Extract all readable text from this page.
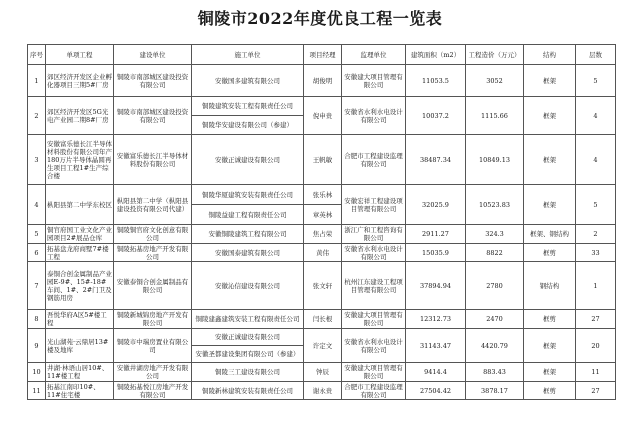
铜陵市2022年度优良工程一览表
序号	单项工程	建设单位	施工单位	项目经理	监理单位	建筑面积（m2）	工程造价（万元）	结构	层数
1	郊区经济开发区企业孵化器项目三期5#厂房	铜陵市南部城区建设投资有限公司	安徽国多建筑有限公司	胡俊明	安徽建大项目管理有限公司	11053.5	3052	框架	5
2	郊区经济开发区5G光电产业园二期8#厂房	铜陵市南部城区建设投资有限公司	铜陵建筑安装工程有限责任公司	倪申贵	安徽省水利水电设计有限公司	10037.2	1115.66	框架	4
			铜陵华安建设有限公司（参建）						
3	安徽富乐德长江半导体材料股份有限公司年产180万片半导体晶圆再生项目工程1#生产综合楼	安徽富乐德长江半导体材料股份有限公司	安徽正诚建设有限公司	王帆敏	合肥市工程建设监理有限公司	38487.34	10849.13	框架	4
4	枞阳县第二中学东校区	枞阳县第二中学（枞阳县建设投资有限公司代建）	铜陵华厦建筑安装有限责任公司	张乐林	安徽宏祥工程建设项目管理有限公司	32025.9	10523.83	框架	5
			铜陵益建工程有限责任公司	章英林					
5	铜官府国工业文化产业园项目2#展品仓库	铜陵铜官府文化创意有限公司	安徽铜陵建筑工程有限公司	焦占荣	浙江广和工程咨询有限公司	2911.27	324.3	框架、钢结构	2
6	拓基盘龙府商墅7#楼工程	铜陵拓基房地产开发有限公司	安徽国泰建筑有限公司	黄伟	安徽省水利水电设计有限公司	15035.9	8822	框剪	33
7	泰铜合创金属制品产业园E-9#、15#-18#车间、1#、2#门卫及钢筋用房	安徽泰铜合创金属制品有限公司	安徽沁信建设有限公司	张文轩	杭州江东建设工程项目管理有限公司	37894.94	2780	钢结构	1
8	吾悦华府A区5#楼工程	铜陵新城锦房地产开发有限公司	铜陵建鑫建筑安装工程有限责任公司	闫长根	安徽建大项目管理有限公司	12312.73	2470	框剪	27
9	光山湖苑·云鼎居13#楼及地库	铜陵市中瑞房置业有限公司	安徽正诚建设有限公司	许定文	安徽省水利水电设计有限公司	31143.47	4420.79	框架	20
			安徽圣都建设集团有限公司（参建）						
10	井湖·林语山居10#、11#楼工程	安徽井湖房地产开发有限公司	铜陵三工建设有限公司	钟辰	安徽建大项目管理有限公司	9414.4	883.43	框架	11
11	拓基江南印10#、11#住宅楼	铜陵拓基悦江房地产开发有限公司	铜陵新林建筑安装有限责任公司	谢永贵	合肥市工程建设监理有限公司	27504.42	3878.17	框剪	27
